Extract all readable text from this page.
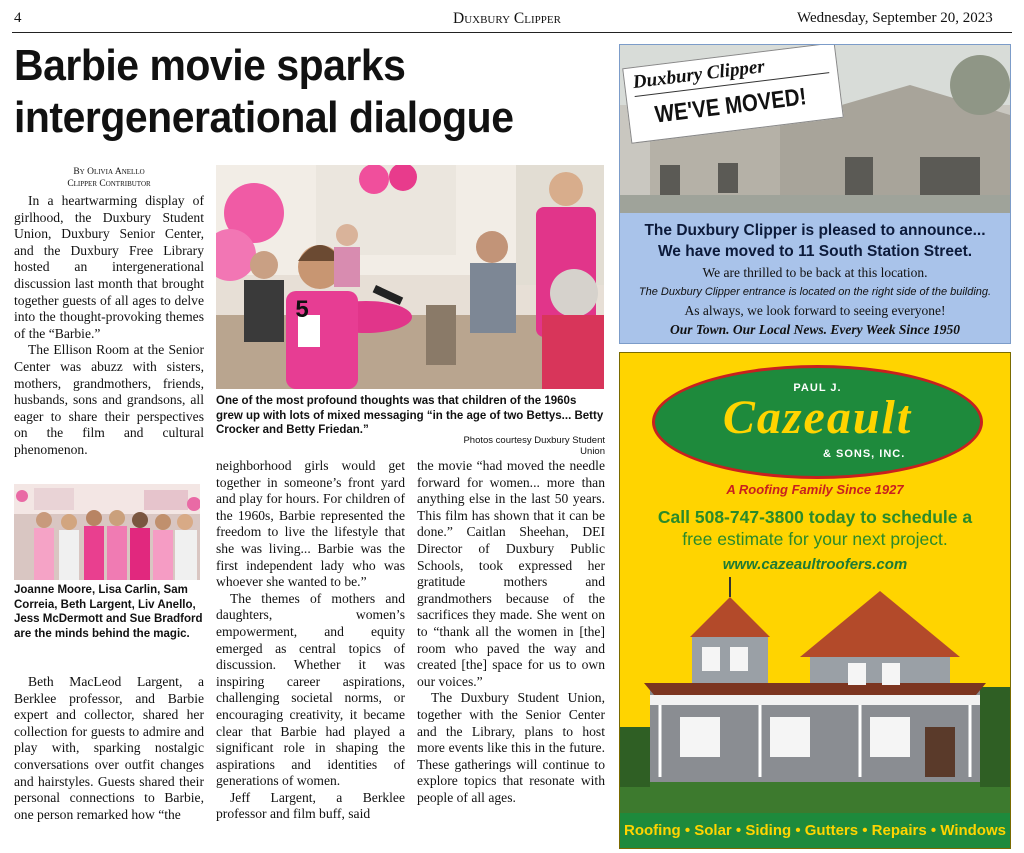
4	Duxbury Clipper	Wednesday, September 20, 2023
Barbie movie sparks
intergenerational dialogue
By Olivia Anello
Clipper Contributor

In a heartwarming display of girlhood, the Duxbury Student Union, Duxbury Senior Center, and the Duxbury Free Library hosted an intergenerational discussion last month that brought together guests of all ages to delve into the thought-provoking themes of the “Barbie.”

The Ellison Room at the Senior Center was abuzz with sisters, mothers, grandmothers, friends, husbands, sons and grandsons, all eager to share their perspectives on the film and cultural phenomenon.

Joanne Moore, Lisa Carlin, Sam Correia, Beth Largent, Liv Anello, Jess McDermott and Sue Bradford are the minds behind the magic.

Beth MacLeod Largent, a Berklee professor, and Barbie expert and collector, shared her collection for guests to admire and play with, sparking nostalgic conversations over outfit changes and hairstyles. Guests shared their personal connections to Barbie, one person remarked how “the

5
One of the most profound thoughts was that children of the 1960s grew up with lots of mixed messaging “in the age of two Bettys... Betty Crocker and Betty Friedan.”
Photos courtesy Duxbury Student Union

neighborhood girls would get together in someone’s front yard and play for hours. For children of the 1960s, Barbie represented the freedom to live the lifestyle that she was living... Barbie was the first independent lady who was whoever she wanted to be.”

The themes of mothers and daughters, women’s empowerment, and equity emerged as central topics of discussion. Whether it was inspiring career aspirations, challenging societal norms, or encouraging creativity, it became clear that Barbie had played a significant role in shaping the aspirations and identities of generations of women.

Jeff Largent, a Berklee professor and film buff, said

the movie “had moved the needle forward for women... more than anything else in the last 50 years. This film has shown that it can be done.” Caitlan Sheehan, DEI Director of Duxbury Public Schools, took expressed her gratitude mothers and grandmothers because of the sacrifices they made. She went on to “thank all the women in [the] room who paved the way and created [the] space for us to own our voices.”

The Duxbury Student Union, together with the Senior Center and the Library, plans to host more events like this in the future. These gatherings will continue to explore topics that resonate with people of all ages.

Duxbury Clipper
WE'VE MOVED!
The Duxbury Clipper is pleased to announce...
We have moved to 11 South Station Street.
We are thrilled to be back at this location.
The Duxbury Clipper entrance is located on the right side of the building.
As always, we look forward to seeing everyone!
Our Town. Our Local News. Every Week Since 1950
PAUL J.
Cazeault
& SONS, INC.
A Roofing Family Since 1927
Call 508-747-3800 today to schedule a
free estimate for your next project.
www.cazeaultroofers.com
Roofing • Solar • Siding • Gutters • Repairs • Windows
